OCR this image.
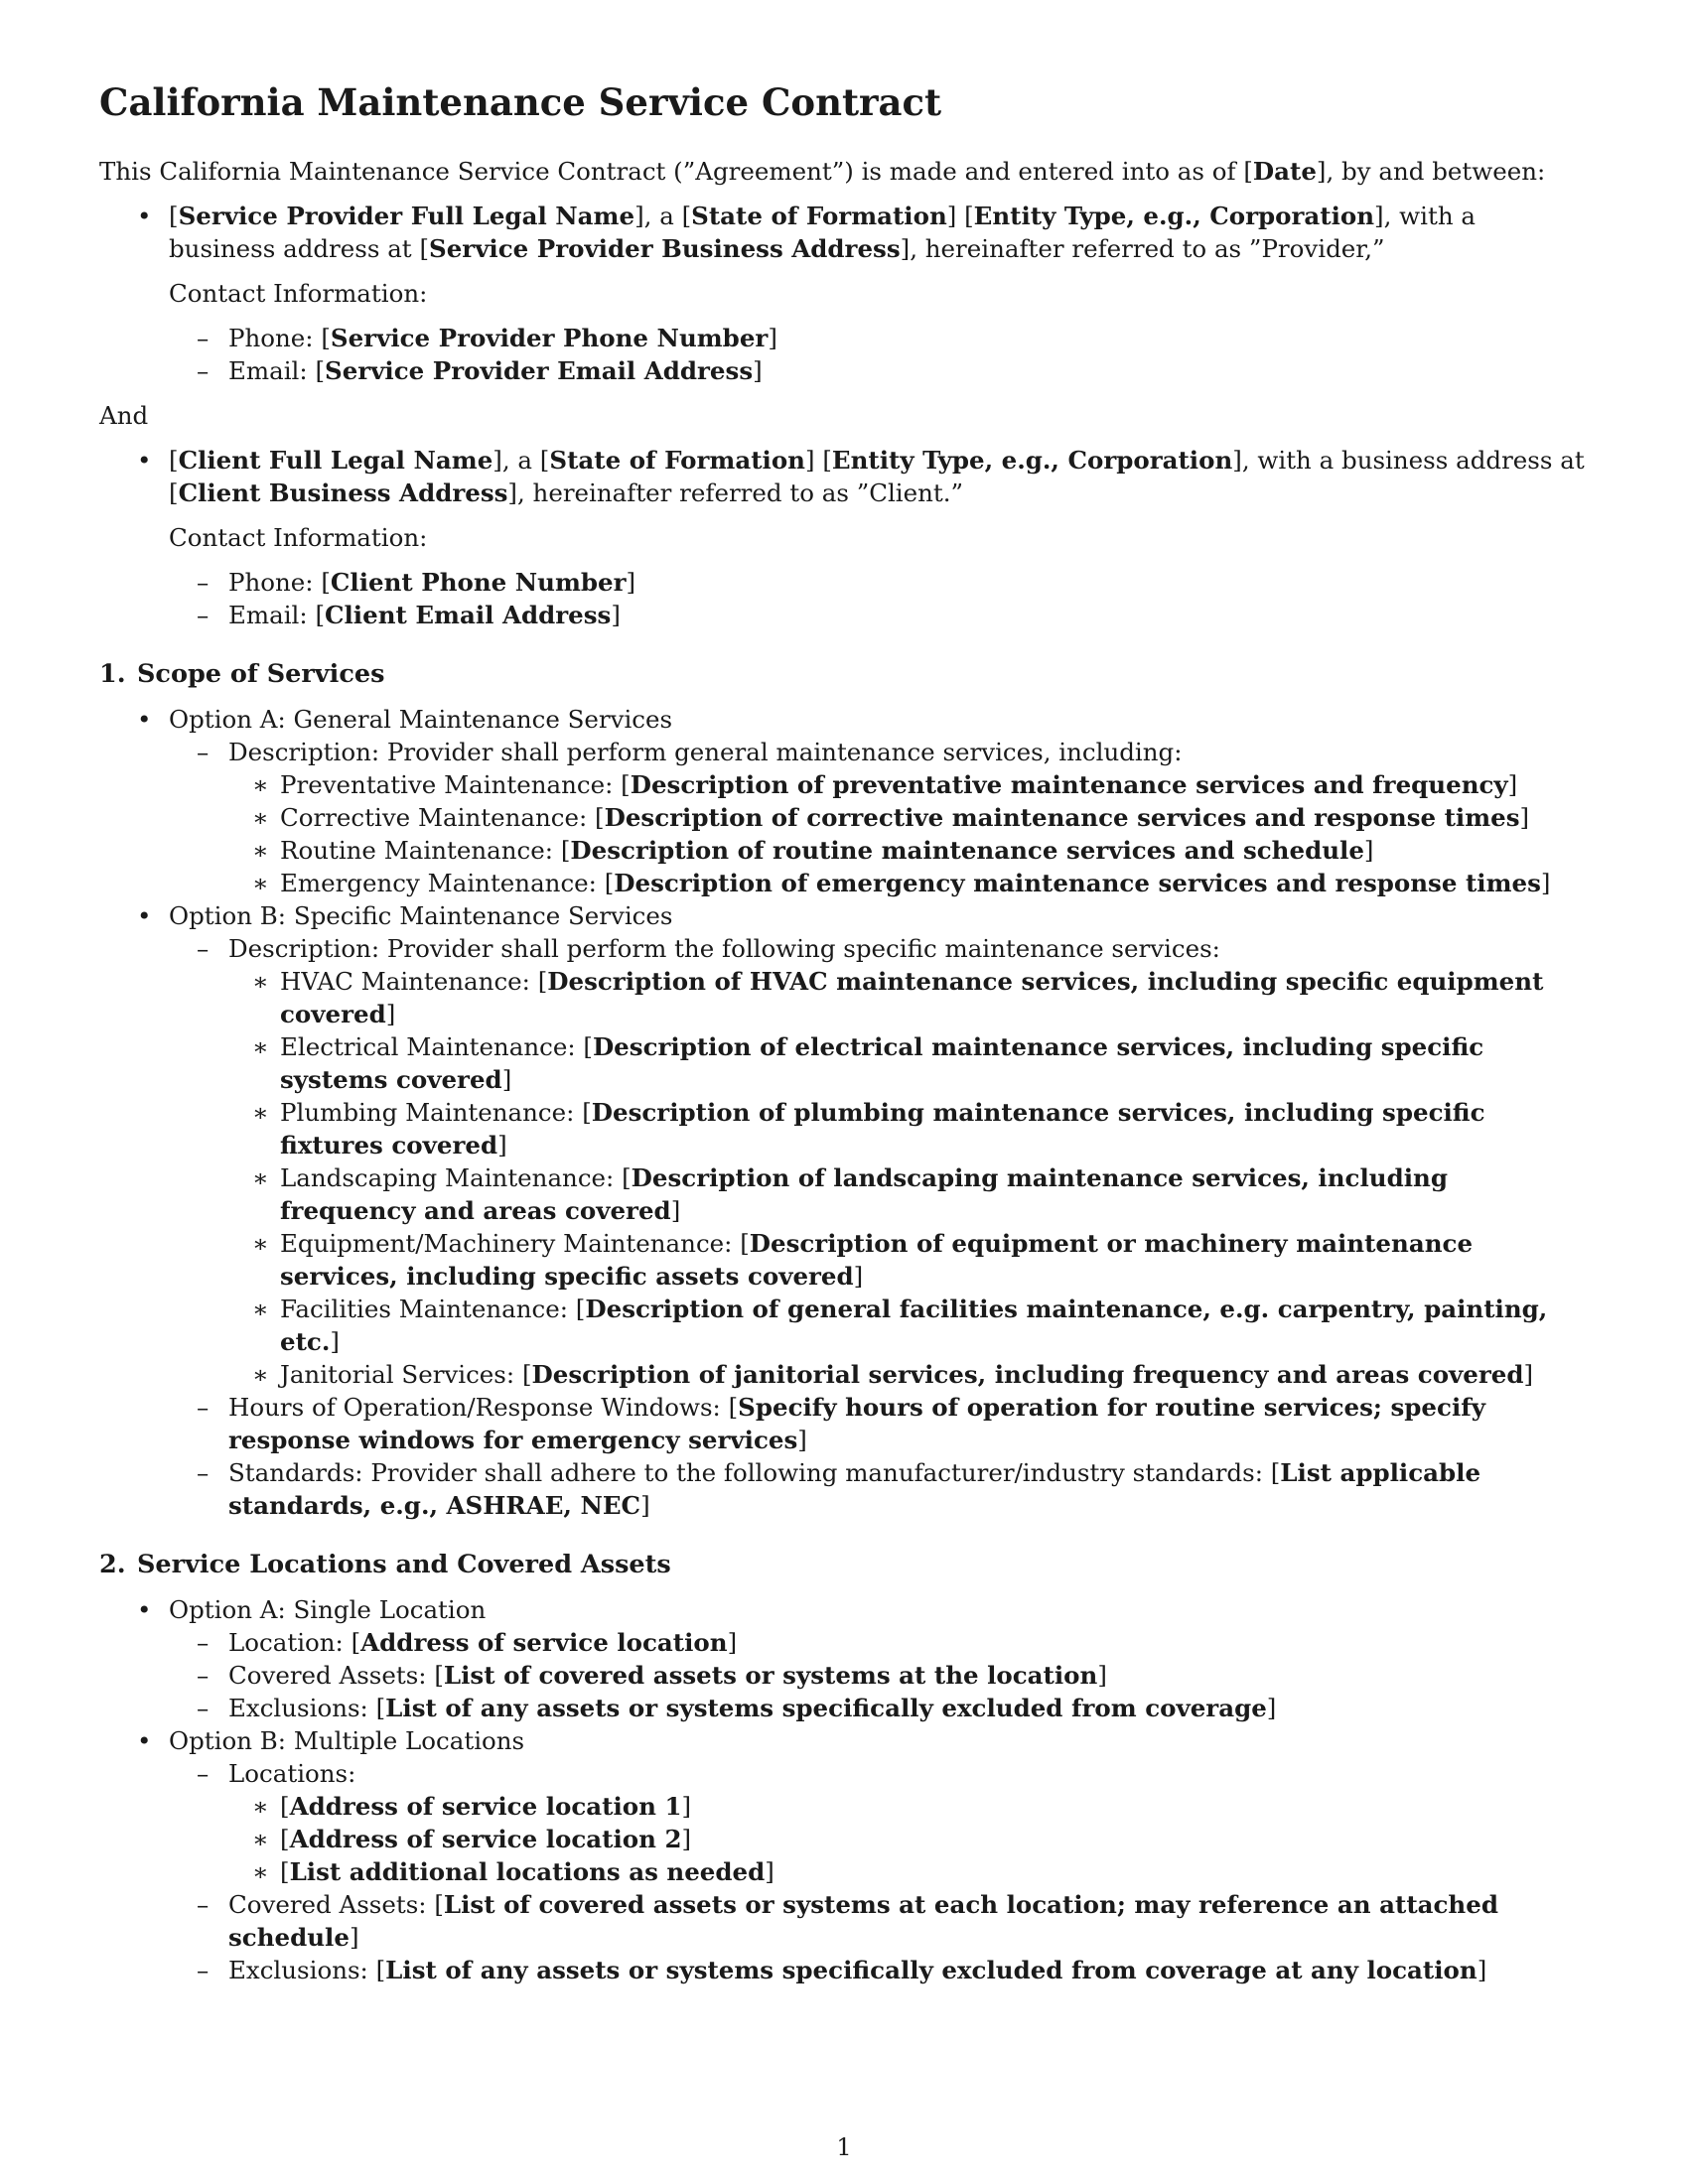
California Maintenance Service Contract

This California Maintenance Service Contract (”Agreement”) is made and entered into as of [Date], by and between:

• [Service Provider Full Legal Name], a [State of Formation] [Entity Type, e.g., Corporation], with a business address at [Service Provider Business Address], hereinafter referred to as ”Provider,”

Contact Information:

– Phone: [Service Provider Phone Number]
– Email: [Service Provider Email Address]

And

• [Client Full Legal Name], a [State of Formation] [Entity Type, e.g., Corporation], with a business address at [Client Business Address], hereinafter referred to as ”Client.”

Contact Information:

– Phone: [Client Phone Number]
– Email: [Client Email Address]
1. Scope of Services
• Option A: General Maintenance Services
– Description: Provider shall perform general maintenance services, including:
∗ Preventative Maintenance: [Description of preventative maintenance services and frequency]
∗ Corrective Maintenance: [Description of corrective maintenance services and response times]
∗ Routine Maintenance: [Description of routine maintenance services and schedule]
∗ Emergency Maintenance: [Description of emergency maintenance services and response times]
• Option B: Specific Maintenance Services
– Description: Provider shall perform the following specific maintenance services:
∗ HVAC Maintenance: [Description of HVAC maintenance services, including specific equipment covered]
∗ Electrical Maintenance: [Description of electrical maintenance services, including specific systems covered]
∗ Plumbing Maintenance: [Description of plumbing maintenance services, including specific fixtures covered]
∗ Landscaping Maintenance: [Description of landscaping maintenance services, including frequency and areas covered]
∗ Equipment/Machinery Maintenance: [Description of equipment or machinery maintenance services, including specific assets covered]
∗ Facilities Maintenance: [Description of general facilities maintenance, e.g. carpentry, painting, etc.]
∗ Janitorial Services: [Description of janitorial services, including frequency and areas covered]
– Hours of Operation/Response Windows: [Specify hours of operation for routine services; specify response windows for emergency services]
– Standards: Provider shall adhere to the following manufacturer/industry standards: [List applicable standards, e.g., ASHRAE, NEC]
2. Service Locations and Covered Assets
• Option A: Single Location
– Location: [Address of service location]
– Covered Assets: [List of covered assets or systems at the location]
– Exclusions: [List of any assets or systems specifically excluded from coverage]
• Option B: Multiple Locations
– Locations:
∗ [Address of service location 1]
∗ [Address of service location 2]
∗ [List additional locations as needed]
– Covered Assets: [List of covered assets or systems at each location; may reference an attached schedule]
– Exclusions: [List of any assets or systems specifically excluded from coverage at any location]
1
